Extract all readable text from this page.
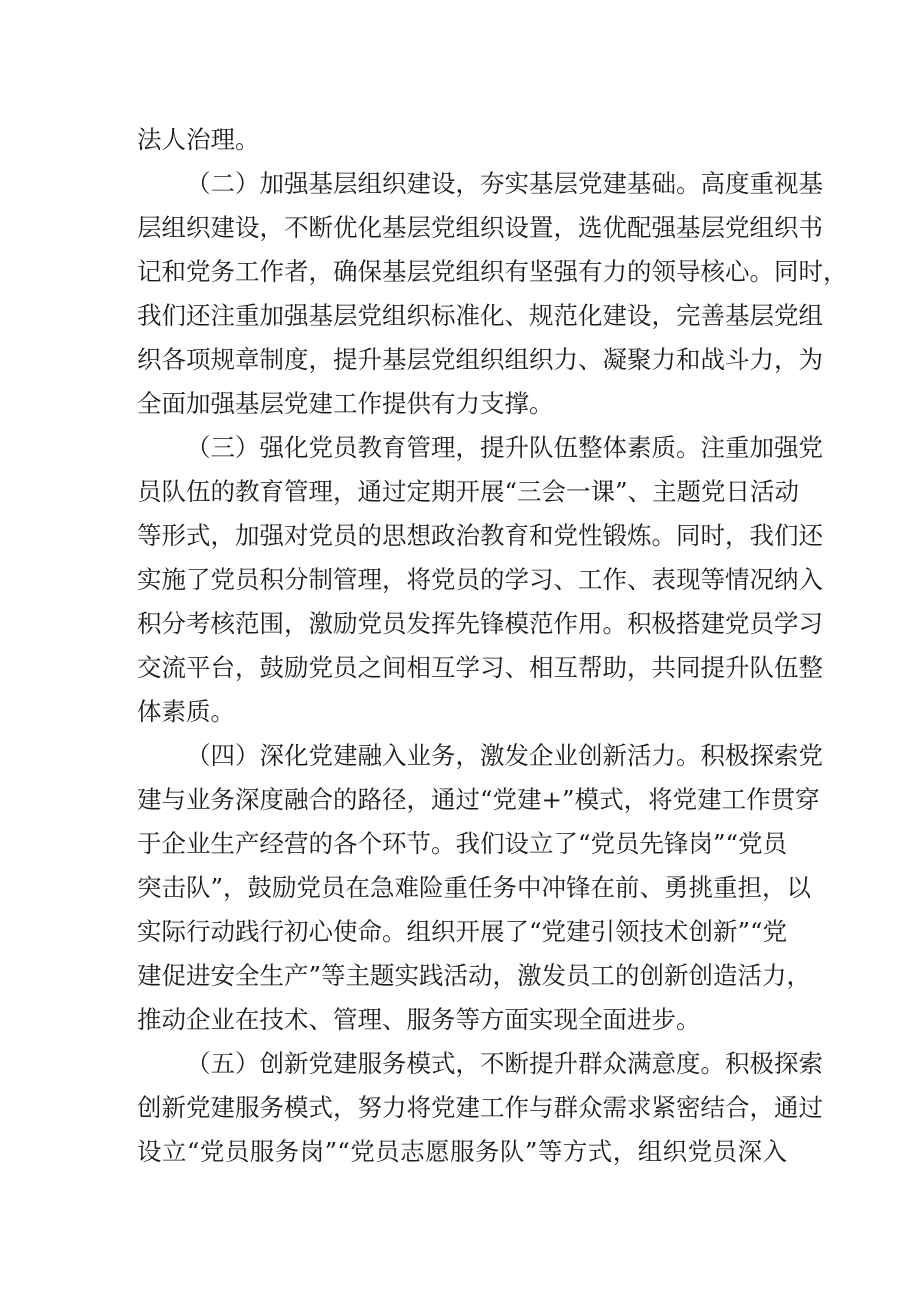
法人治理。
（二）加强基层组织建设，夯实基层党建基础。高度重视基
层组织建设，不断优化基层党组织设置，选优配强基层党组织书
记和党务工作者，确保基层党组织有坚强有力的领导核心。同时，
我们还注重加强基层党组织标准化、规范化建设，完善基层党组
织各项规章制度，提升基层党组织组织力、凝聚力和战斗力，为
全面加强基层党建工作提供有力支撑。
（三）强化党员教育管理，提升队伍整体素质。注重加强党
员队伍的教育管理，通过定期开展“三会一课”、主题党日活动
等形式，加强对党员的思想政治教育和党性锻炼。同时，我们还
实施了党员积分制管理，将党员的学习、工作、表现等情况纳入
积分考核范围，激励党员发挥先锋模范作用。积极搭建党员学习
交流平台，鼓励党员之间相互学习、相互帮助，共同提升队伍整
体素质。
（四）深化党建融入业务，激发企业创新活力。积极探索党
建与业务深度融合的路径，通过“党建+”模式，将党建工作贯穿
于企业生产经营的各个环节。我们设立了“党员先锋岗”“党员
突击队”，鼓励党员在急难险重任务中冲锋在前、勇挑重担，以
实际行动践行初心使命。组织开展了“党建引领技术创新”“党
建促进安全生产”等主题实践活动，激发员工的创新创造活力，
推动企业在技术、管理、服务等方面实现全面进步。
（五）创新党建服务模式，不断提升群众满意度。积极探索
创新党建服务模式，努力将党建工作与群众需求紧密结合，通过
设立“党员服务岗”“党员志愿服务队”等方式，组织党员深入
